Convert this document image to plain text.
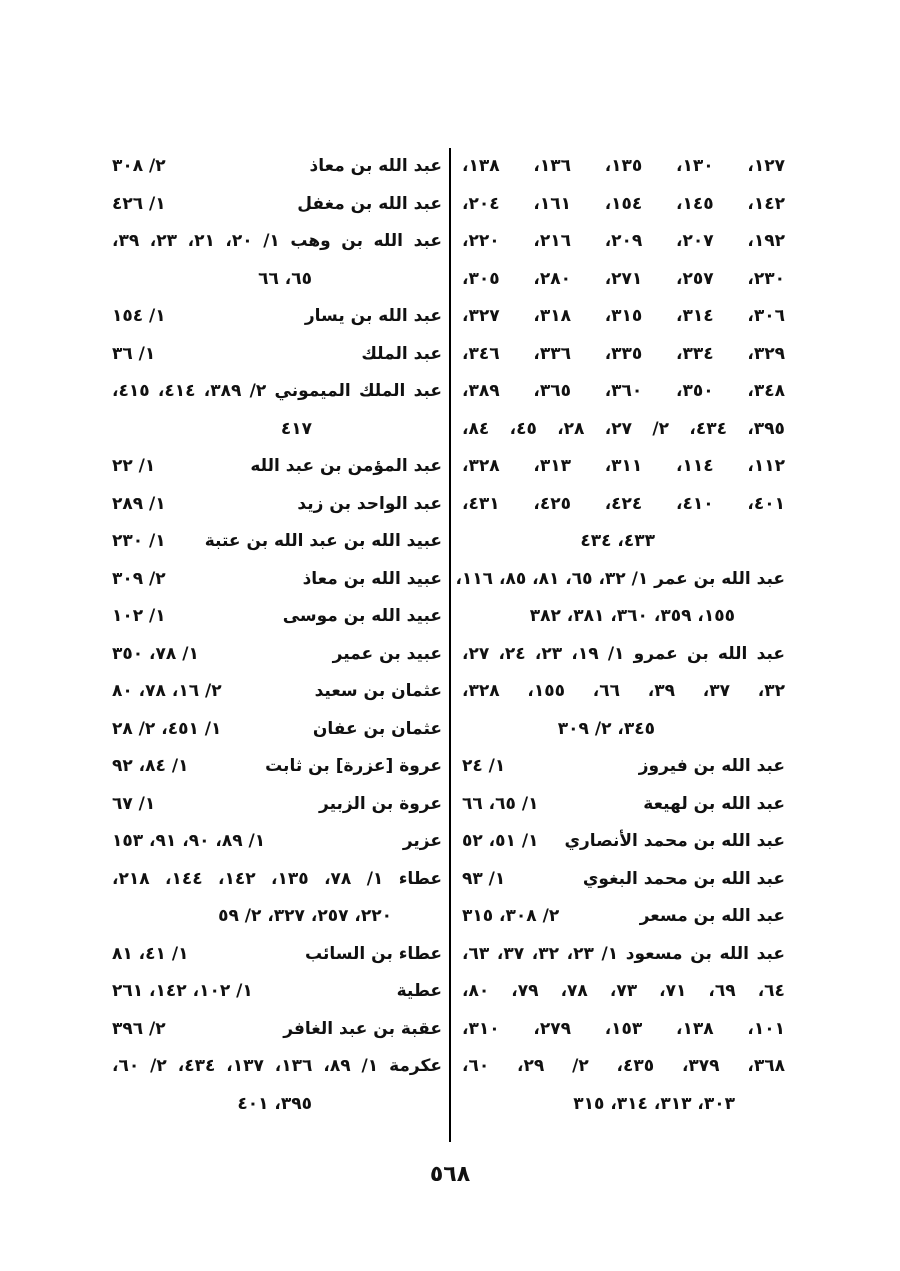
١٢٧، ١٣٠، ١٣٥، ١٣٦، ١٣٨،
١٤٢، ١٤٥، ١٥٤، ١٦١، ٢٠٤،
١٩٢، ٢٠٧، ٢٠٩، ٢١٦، ٢٢٠،
٢٣٠، ٢٥٧، ٢٧١، ٢٨٠، ٣٠٥،
٣٠٦، ٣١٤، ٣١٥، ٣١٨، ٣٢٧،
٣٢٩، ٣٣٤، ٣٣٥، ٣٣٦، ٣٤٦،
٣٤٨، ٣٥٠، ٣٦٠، ٣٦٥، ٣٨٩،
٣٩٥، ٤٣٤، ٢/ ٢٧، ٢٨، ٤٥، ٨٤،
١١٢، ١١٤، ٣١١، ٣١٣، ٣٢٨،
٤٠١، ٤١٠، ٤٢٤، ٤٢٥، ٤٣١،
٤٣٣، ٤٣٤
عبد الله بن عمر ١/ ٣٢، ٦٥، ٨١، ٨٥، ١١٦،
١٥٥، ٣٥٩، ٣٦٠، ٣٨١، ٣٨٢
عبد الله بن عمرو ١/ ١٩، ٢٣، ٢٤، ٢٧،
٣٢، ٣٧، ٣٩، ٦٦، ١٥٥، ٣٢٨،
٣٤٥، ٢/ ٣٠٩
عبد الله بن فيروز
١/ ٢٤
عبد الله بن لهيعة
١/ ٦٥، ٦٦
عبد الله بن محمد الأنصاري
١/ ٥١، ٥٢
عبد الله بن محمد البغوي
١/ ٩٣
عبد الله بن مسعر
٢/ ٣٠٨، ٣١٥
عبد الله بن مسعود ١/ ٢٣، ٣٢، ٣٧، ٦٣،
٦٤، ٦٩، ٧١، ٧٣، ٧٨، ٧٩، ٨٠،
١٠١، ١٣٨، ١٥٣، ٢٧٩، ٣١٠،
٣٦٨، ٣٧٩، ٤٣٥، ٢/ ٢٩، ٦٠،
٣٠٣، ٣١٣، ٣١٤، ٣١٥
عبد الله بن معاذ
٢/ ٣٠٨
عبد الله بن مغفل
١/ ٤٢٦
عبد الله بن وهب ١/ ٢٠، ٢١، ٢٣، ٣٩،
٦٥، ٦٦
عبد الله بن يسار
١/ ١٥٤
عبد الملك
١/ ٣٦
عبد الملك الميموني ٢/ ٣٨٩، ٤١٤، ٤١٥،
٤١٧
عبد المؤمن بن عبد الله
١/ ٢٢
عبد الواحد بن زيد
١/ ٢٨٩
عبيد الله بن عبد الله بن عتبة
١/ ٢٣٠
عبيد الله بن معاذ
٢/ ٣٠٩
عبيد الله بن موسى
١/ ١٠٢
عبيد بن عمير
١/ ٧٨، ٣٥٠
عثمان بن سعيد
٢/ ١٦، ٧٨، ٨٠
عثمان بن عفان
١/ ٤٥١، ٢/ ٢٨
عروة [عزرة] بن ثابت
١/ ٨٤، ٩٢
عروة بن الزبير
١/ ٦٧
عزير
١/ ٨٩، ٩٠، ٩١، ١٥٣
عطاء ١/ ٧٨، ١٣٥، ١٤٢، ١٤٤، ٢١٨،
٢٢٠، ٢٥٧، ٣٢٧، ٢/ ٥٩
عطاء بن السائب
١/ ٤١، ٨١
عطية
١/ ١٠٢، ١٤٢، ٢٦١
عقبة بن عبد الغافر
٢/ ٣٩٦
عكرمة ١/ ٨٩، ١٣٦، ١٣٧، ٤٣٤، ٢/ ٦٠،
٣٩٥، ٤٠١
٥٦٨
